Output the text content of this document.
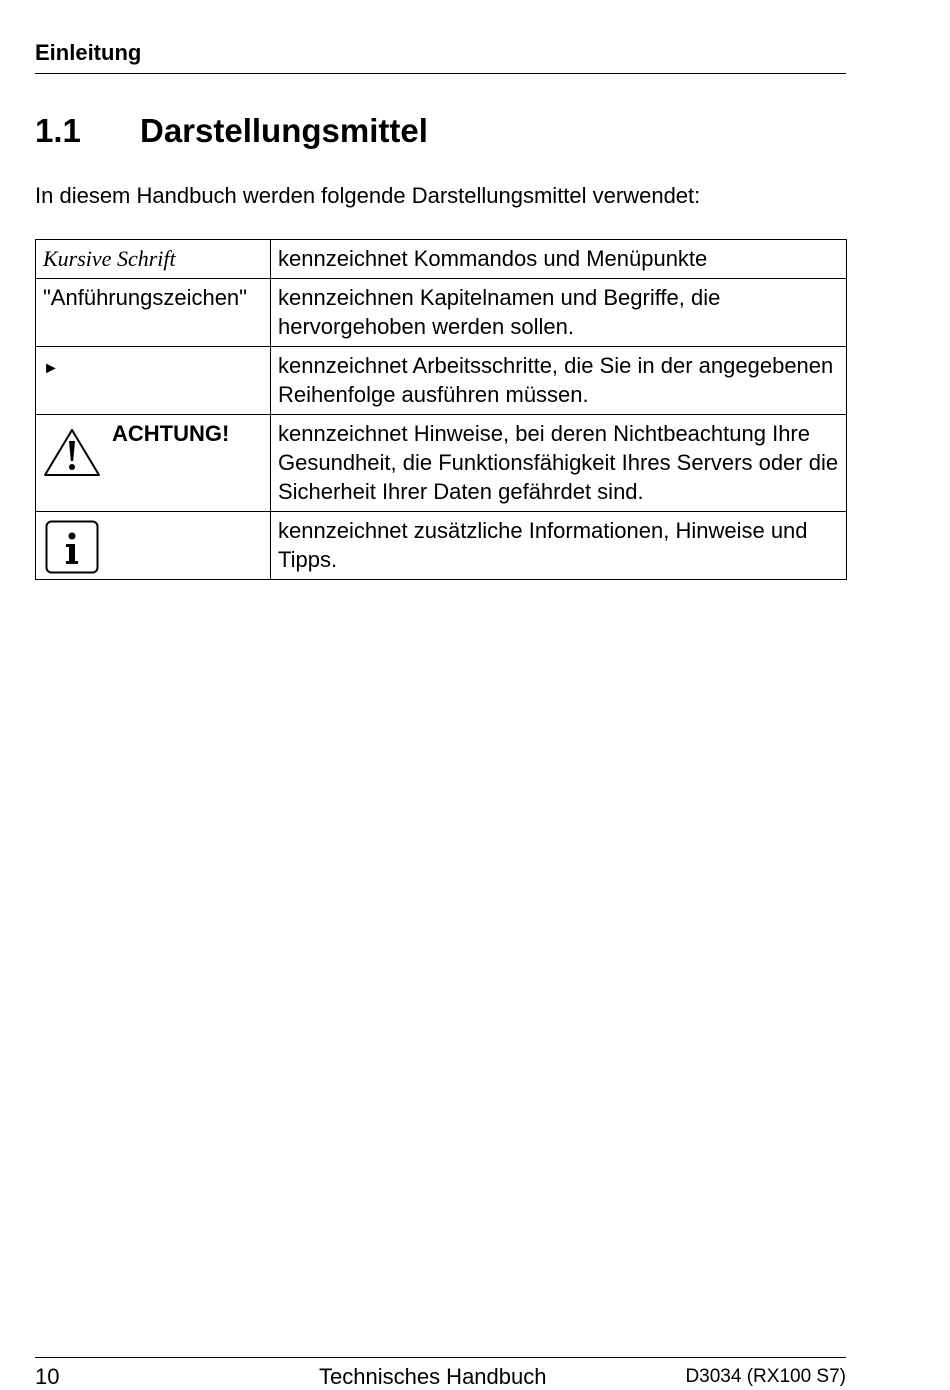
Einleitung
1.1 Darstellungsmittel
In diesem Handbuch werden folgende Darstellungsmittel verwendet:
Kursive Schrift	kennzeichnet Kommandos und Menüpunkte
"Anführungszeichen"	kennzeichnen Kapitelnamen und Begriffe, die hervorgehoben werden sollen.
►	kennzeichnet Arbeitsschritte, die Sie in der angegebenen Reihenfolge ausführen müssen.

ACHTUNG!	kennzeichnet Hinweise, bei deren Nichtbeachtung Ihre Gesundheit, die Funktionsfähigkeit Ihres Servers oder die Sicherheit Ihrer Daten gefährdet sind.

	kennzeichnet zusätzliche Informationen, Hinweise und Tipps.
10	Technisches Handbuch	D3034 (RX100 S7)
